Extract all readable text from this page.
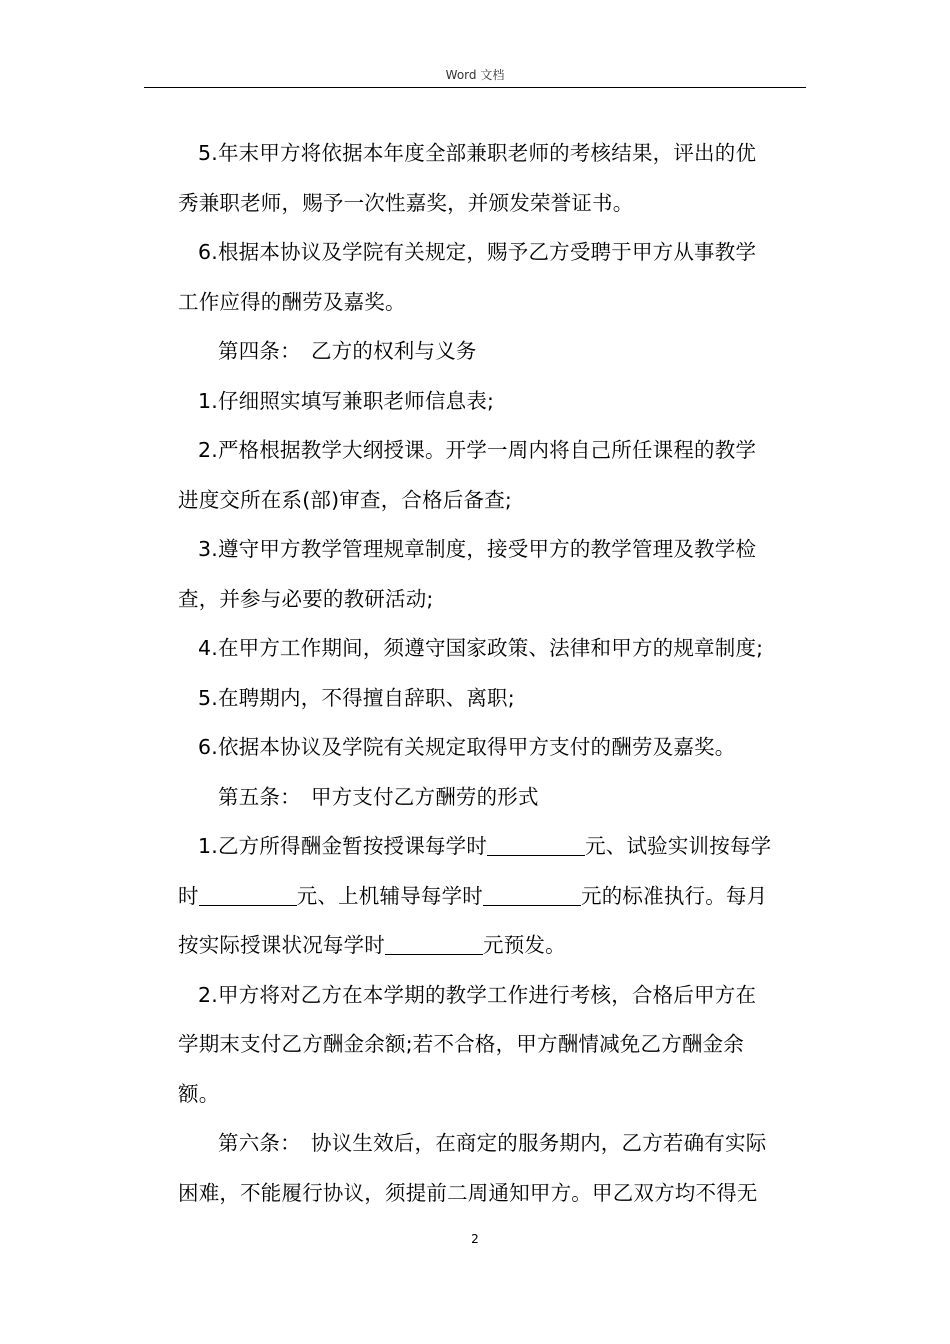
Word 文档

5.年末甲方将依据本年度全部兼职老师的考核结果，评出的优
秀兼职老师，赐予一次性嘉奖，并颁发荣誉证书。

6.根据本协议及学院有关规定，赐予乙方受聘于甲方从事教学
工作应得的酬劳及嘉奖。

第四条： 乙方的权利与义务

1.仔细照实填写兼职老师信息表;

2.严格根据教学大纲授课。开学一周内将自己所任课程的教学
进度交所在系(部)审查，合格后备查;

3.遵守甲方教学管理规章制度，接受甲方的教学管理及教学检
查，并参与必要的教研活动;

4.在甲方工作期间，须遵守国家政策、法律和甲方的规章制度;

5.在聘期内，不得擅自辞职、离职;

6.依据本协议及学院有关规定取得甲方支付的酬劳及嘉奖。

第五条： 甲方支付乙方酬劳的形式

1.乙方所得酬金暂按授课每学时	元、试验实训按每学
时	元、上机辅导每学时	元的标准执行。每月
按实际授课状况每学时	元预发。

2.甲方将对乙方在本学期的教学工作进行考核，合格后甲方在
学期末支付乙方酬金余额;若不合格，甲方酬情减免乙方酬金余
额。

第六条： 协议生效后，在商定的服务期内，乙方若确有实际
困难，不能履行协议，须提前二周通知甲方。甲乙双方均不得无

2
